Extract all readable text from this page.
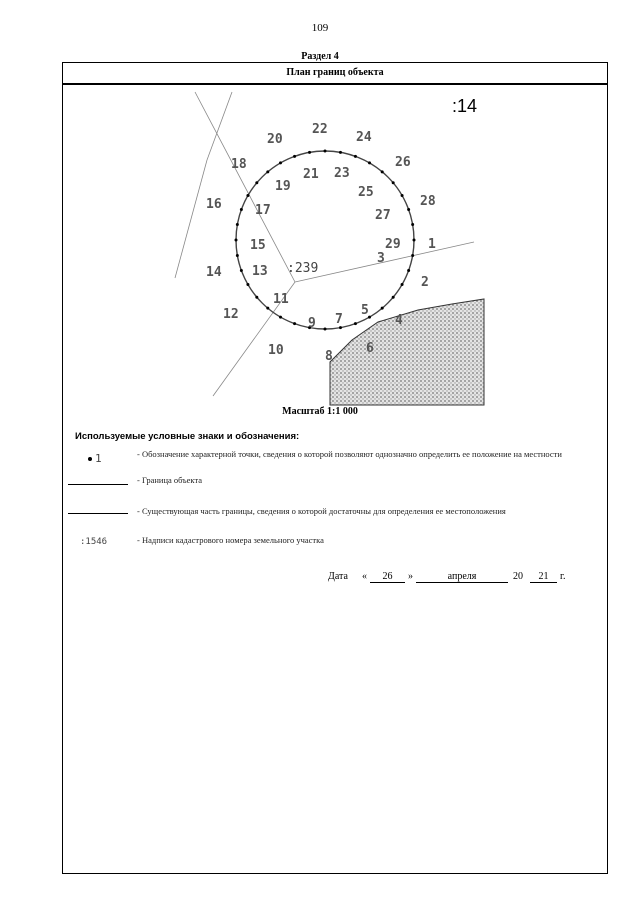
109
Раздел 4
План границ объекта
1
2
3
4
5
6
7
8
9
10
11
12
13
14
15
16	17
18
19
20
21
22
23
24
25
26
27
28
29
:14
:239
Масштаб 1:1 000
Используемые условные знаки и обозначения:
1	- Обозначение характерной точки, сведения о которой позволяют однозначно определить ее положение на местности
- Граница объекта
- Существующая часть границы, сведения о которой достаточны для определения ее местоположения
:1546	- Надписи кадастрового номера земельного участка
Дата «	26	»	апреля	20	21	г.
